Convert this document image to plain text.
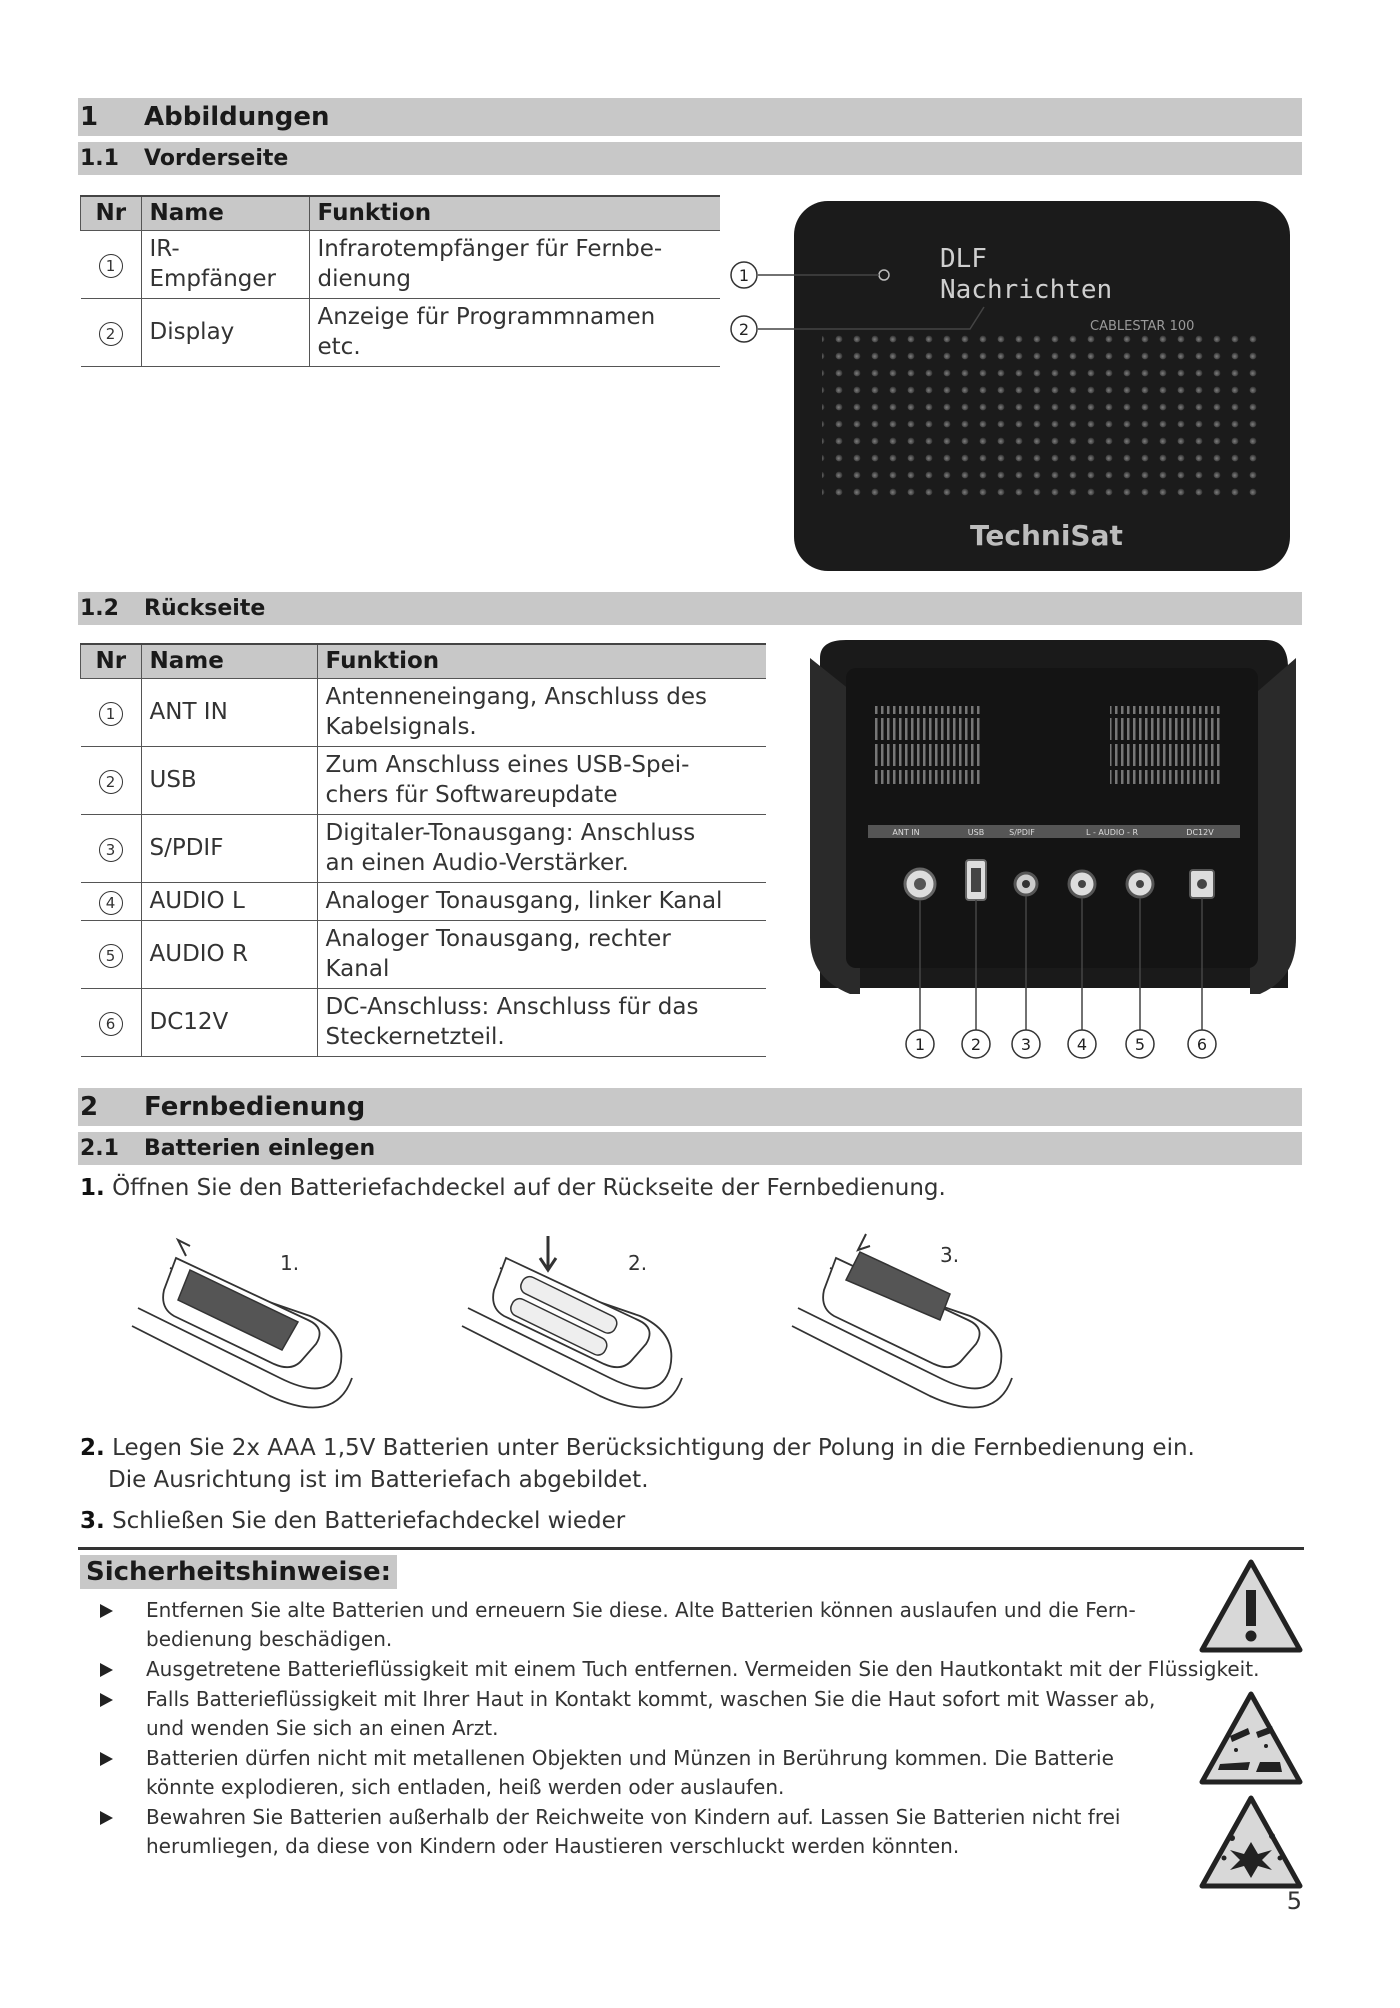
1	Abbildungen
1.1	Vorderseite
Nr	Name	Funktion
1	IR-Empfänger	Infrarotempfänger für Fernbe-
dienung
2	Display	Anzeige für Programmnamen
etc.
DLF
Nachrichten
CABLESTAR 100
TechniSat
1
2
1.2	Rückseite
Nr	Name	Funktion
1	ANT IN	Antenneneingang, Anschluss des
Kabelsignals.
2	USB	Zum Anschluss eines USB-Spei-
chers für Softwareupdate
3	S/PDIF	Digitaler-Tonausgang: Anschluss
an einen Audio-Verstärker.
4	AUDIO L	Analoger Tonausgang, linker Kanal
5	AUDIO R	Analoger Tonausgang, rechter
Kanal
6	DC12V	DC-Anschluss: Anschluss für das
Steckernetzteil.
ANT IN	USB	S/PDIF	L - AUDIO - R	DC12V
1	2 3	4	5	6
2	Fernbedienung
2.1	Batterien einlegen
1. Öffnen Sie den Batteriefachdeckel auf der Rückseite der Fernbedienung.
1.	2.	3.
2. Legen Sie 2x AAA 1,5V Batterien unter Berücksichtigung der Polung in die Fernbedienung ein.
Die Ausrichtung ist im Batteriefach abgebildet.
3. Schließen Sie den Batteriefachdeckel wieder
Sicherheitshinweise:
Entfernen Sie alte Batterien und erneuern Sie diese. Alte Batterien können auslaufen und die Fern-
bedienung beschädigen.
Ausgetretene Batterieflüssigkeit mit einem Tuch entfernen. Vermeiden Sie den Hautkontakt mit der Flüssigkeit.
Falls Batterieflüssigkeit mit Ihrer Haut in Kontakt kommt, waschen Sie die Haut sofort mit Wasser ab,
und wenden Sie sich an einen Arzt.
Batterien dürfen nicht mit metallenen Objekten und Münzen in Berührung kommen. Die Batterie
könnte explodieren, sich entladen, heiß werden oder auslaufen.
Bewahren Sie Batterien außerhalb der Reichweite von Kindern auf. Lassen Sie Batterien nicht frei
herumliegen, da diese von Kindern oder Haustieren verschluckt werden könnten.
5
